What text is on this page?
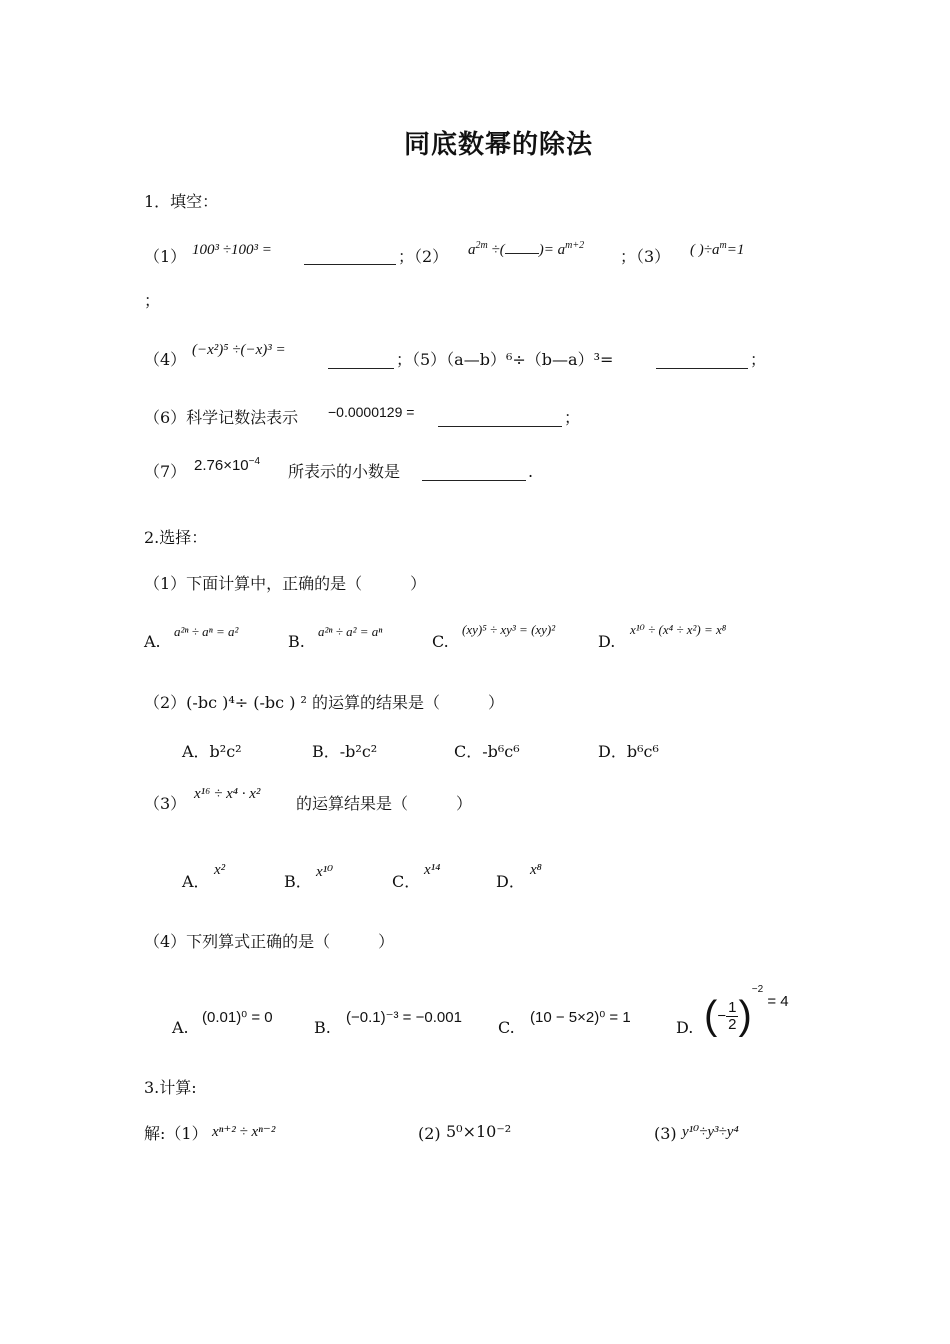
同底数幂的除法
1．填空：
（1） 100³ ÷100³ =	；（2） $a^{2m}$ ÷( )= $a^{m+2}$
；（3） ( )$\div a^m=1$
；
（4） (−x²)⁵ ÷(−x)³ =	；（5）（a—b）⁶÷（b—a）³=	；
（6）科学记数法表示 −0.0000129 =	；
（7） $2.76\times 10^{-4}$
所表示的小数是	.
2.选择：
（1）下面计算中，正确的是（　　　）
A.
a²ⁿ ÷ aⁿ = a²
B.
a²ⁿ ÷ a² = aⁿ
C.
(xy)⁵ ÷ xy³ = (xy)²
D.
x¹⁰ ÷ (x⁴ ÷ x²) = x⁸
（2）(-bc )⁴÷ (-bc ) ² 的运算的结果是（　　　）
A．b²c²	B．-b²c²	C．-b⁶c⁶	D．b⁶c⁶
（3） x¹⁶ ÷ x⁴ · x² 的运算结果是（　　　）
A．
x²
B． x¹⁰	C．
x¹⁴
D．
x⁸
（4）下列算式正确的是（　　　）
A.
(0.01)⁰ = 0
B.
(−0.1)⁻³ = −0.001
C.
(10 − 5×2)⁰ = 1
D. (− $\frac{1}{2} )^{-2} = 4$
3.计算:
解:（1） xⁿ⁺² ÷ xⁿ⁻²	(2) 5⁰×10⁻²	(3) y¹⁰÷y³÷y⁴
